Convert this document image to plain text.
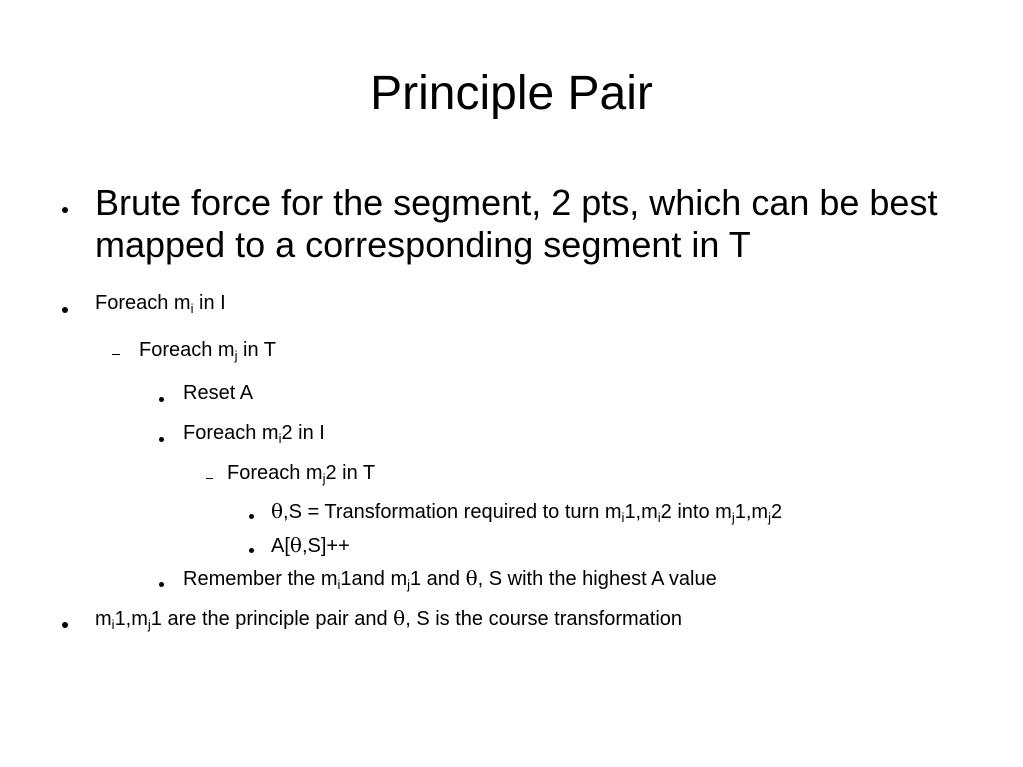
Principle Pair
Brute force for the segment, 2 pts, which can be best mapped to a corresponding segment in T
Foreach $m_i$ in I
Foreach $m_j$ in T
Reset A
Foreach $m_i2$ in I
Foreach $m_j2$ in T
θ,S = Transformation required to turn $m_i1,m_i2$ into $m_j1,m_j2$
A[θ,S]++
Remember the $m_i1and$ $m_j1$ and θ, S with the highest A value
$m_i1,m_j1$ are the principle pair and θ, S is the course transformation
